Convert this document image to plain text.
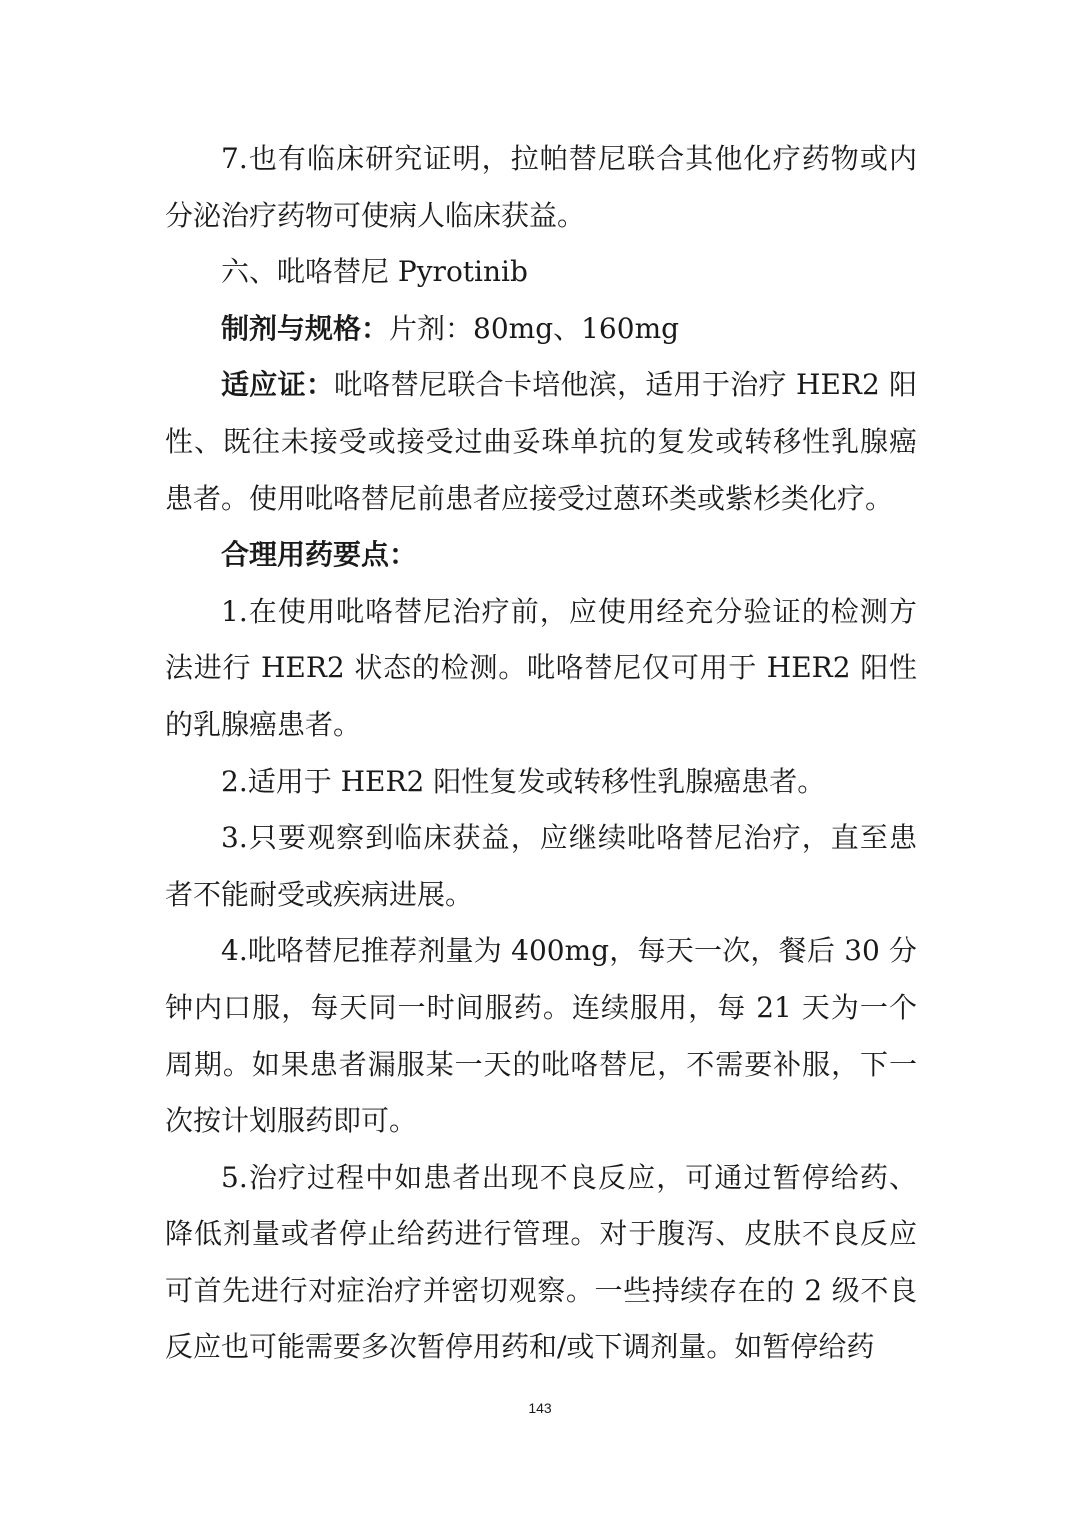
7.也有临床研究证明，拉帕替尼联合其他化疗药物或内分泌治疗药物可使病人临床获益。

六、吡咯替尼 Pyrotinib

制剂与规格：片剂：80mg、160mg

适应证：吡咯替尼联合卡培他滨，适用于治疗 HER2 阳性、既往未接受或接受过曲妥珠单抗的复发或转移性乳腺癌患者。使用吡咯替尼前患者应接受过蒽环类或紫杉类化疗。

合理用药要点：

1.在使用吡咯替尼治疗前，应使用经充分验证的检测方法进行 HER2 状态的检测。吡咯替尼仅可用于 HER2 阳性的乳腺癌患者。

2.适用于 HER2 阳性复发或转移性乳腺癌患者。

3.只要观察到临床获益，应继续吡咯替尼治疗，直至患者不能耐受或疾病进展。

4.吡咯替尼推荐剂量为 400mg，每天一次，餐后 30 分钟内口服，每天同一时间服药。连续服用，每 21 天为一个周期。如果患者漏服某一天的吡咯替尼，不需要补服，下一次按计划服药即可。

5.治疗过程中如患者出现不良反应，可通过暂停给药、降低剂量或者停止给药进行管理。对于腹泻、皮肤不良反应可首先进行对症治疗并密切观察。一些持续存在的 2 级不良反应也可能需要多次暂停用药和/或下调剂量。如暂停给药

143
